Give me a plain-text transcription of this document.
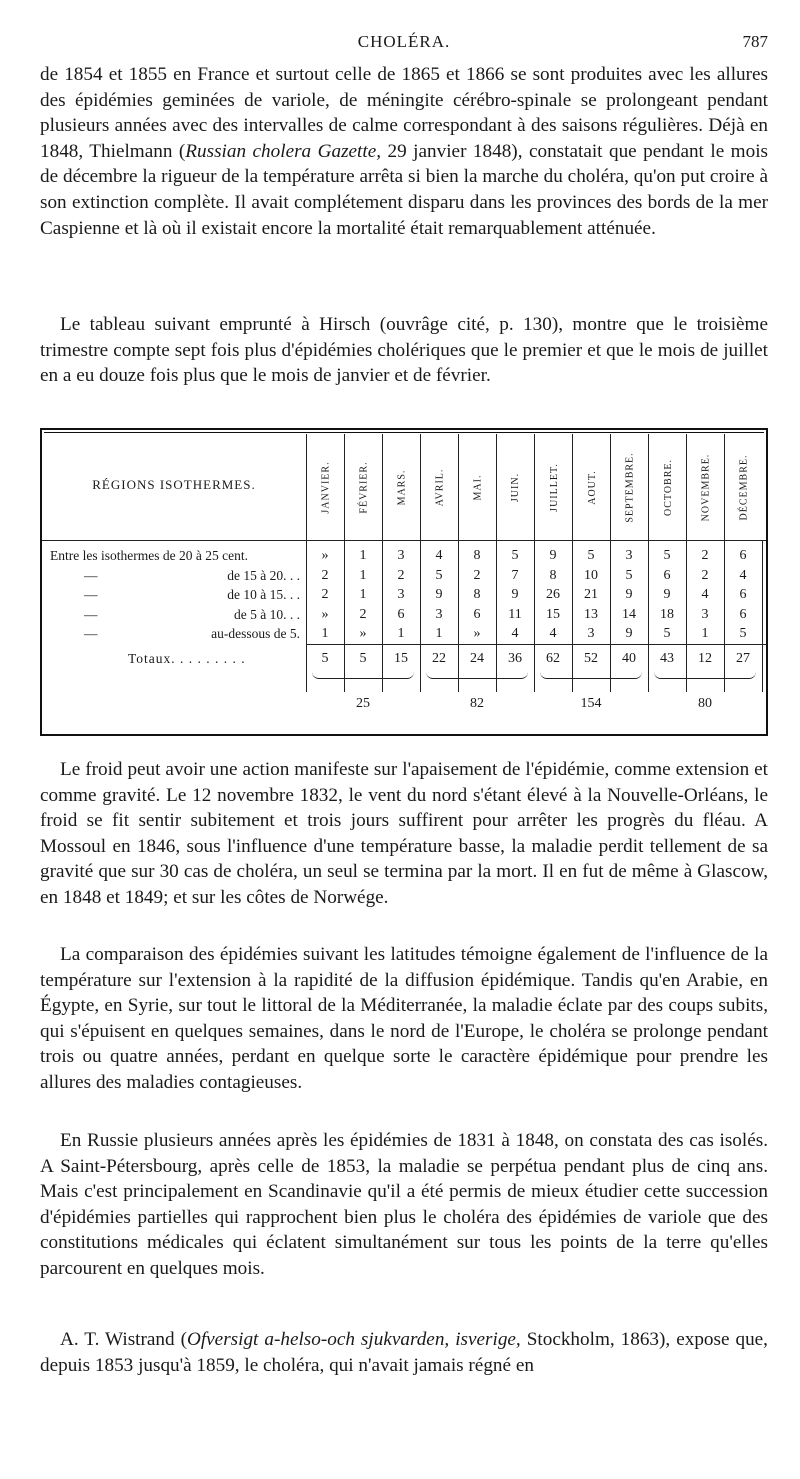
CHOLÉRA.	787

de 1854 et 1855 en France et surtout celle de 1865 et 1866 se sont produites avec les allures des épidémies geminées de variole, de méningite cérébro-spinale se prolongeant pendant plusieurs années avec des intervalles de calme correspondant à des saisons régulières. Déjà en 1848, Thielmann (Russian cholera Gazette, 29 janvier 1848), constatait que pendant le mois de décembre la rigueur de la température arrêta si bien la marche du choléra, qu'on put croire à son extinction complète. Il avait complétement disparu dans les provinces des bords de la mer Caspienne et là où il existait encore la mortalité était remarquablement atténuée.

Le tableau suivant emprunté à Hirsch (ouvrâge cité, p. 130), montre que le troisième trimestre compte sept fois plus d'épidémies cholériques que le premier et que le mois de juillet en a eu douze fois plus que le mois de janvier et de février.

RÉGIONS ISOTHERMES.	JANVIER.	FÉVRIER.	MARS.	AVRIL.	MAI.	JUIN.	JUILLET.	AOUT.	SEPTEMBRE.	OCTOBRE.	NOVEMBRE.	DÉCEMBRE.
Entre les isothermes de 20 à 25 cent.	»	1	3	4	8	5	9	5	3	5	2	6
—	de 15 à 20. . .	2	1	2	5	2	7	8	10	5	6	2	4
—	de 10 à 15. . .	2	1	3	9	8	9	26	21	9	9	4	6
—	de 5 à 10. . .	»	2	6	3	6	11	15	13	14	18	3	6
—	au-dessous de 5.	1	»	1	1	»	4	4	3	9	5	1	5
Totaux. . . . . . . . .	5	5	15	22	24	36	62	52	40	43	12	27
25	82	154	80

Le froid peut avoir une action manifeste sur l'apaisement de l'épidémie, comme extension et comme gravité. Le 12 novembre 1832, le vent du nord s'étant élevé à la Nouvelle-Orléans, le froid se fit sentir subitement et trois jours suffirent pour arrêter les progrès du fléau. A Mossoul en 1846, sous l'influence d'une température basse, la maladie perdit tellement de sa gravité que sur 30 cas de choléra, un seul se termina par la mort. Il en fut de même à Glascow, en 1848 et 1849; et sur les côtes de Norwége.

La comparaison des épidémies suivant les latitudes témoigne également de l'influence de la température sur l'extension à la rapidité de la diffusion épidémique. Tandis qu'en Arabie, en Égypte, en Syrie, sur tout le littoral de la Méditerranée, la maladie éclate par des coups subits, qui s'épuisent en quelques semaines, dans le nord de l'Europe, le choléra se prolonge pendant trois ou quatre années, perdant en quelque sorte le caractère épidémique pour prendre les allures des maladies contagieuses.

En Russie plusieurs années après les épidémies de 1831 à 1848, on constata des cas isolés. A Saint-Pétersbourg, après celle de 1853, la maladie se perpétua pendant plus de cinq ans. Mais c'est principalement en Scandinavie qu'il a été permis de mieux étudier cette succession d'épidémies partielles qui rapprochent bien plus le choléra des épidémies de variole que des constitutions médicales qui éclatent simultanément sur tous les points de la terre qu'elles parcourent en quelques mois.

A. T. Wistrand (Ofversigt a-helso-och sjukvarden, isverige, Stockholm, 1863), expose que, depuis 1853 jusqu'à 1859, le choléra, qui n'avait jamais régné en
